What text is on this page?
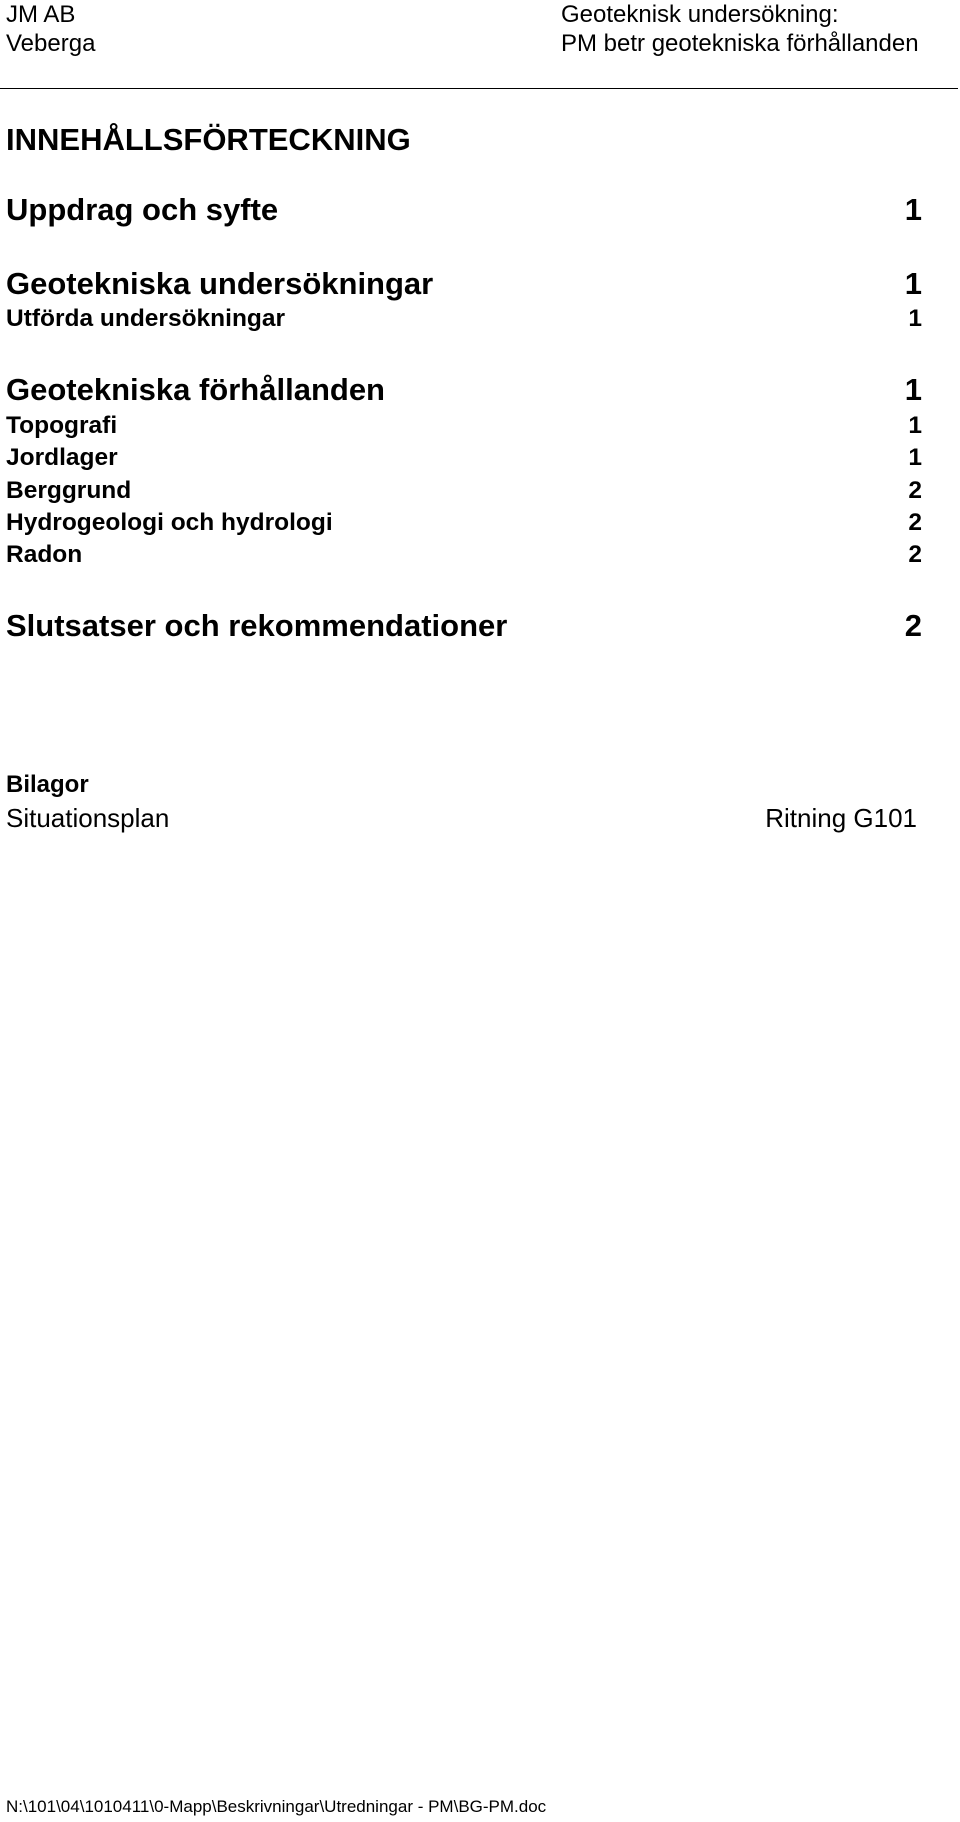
JM AB
Veberga
Geoteknisk undersökning:
PM betr geotekniska förhållanden
INNEHÅLLSFÖRTECKNING
Uppdrag och syfte	1
Geotekniska undersökningar	1
Utförda undersökningar	1
Geotekniska förhållanden	1
Topografi	1
Jordlager	1
Berggrund	2
Hydrogeologi och hydrologi	2
Radon	2
Slutsatser och rekommendationer	2
Bilagor
Situationsplan	Ritning G101
N:\101\04\1010411\0-Mapp\Beskrivningar\Utredningar - PM\BG-PM.doc
